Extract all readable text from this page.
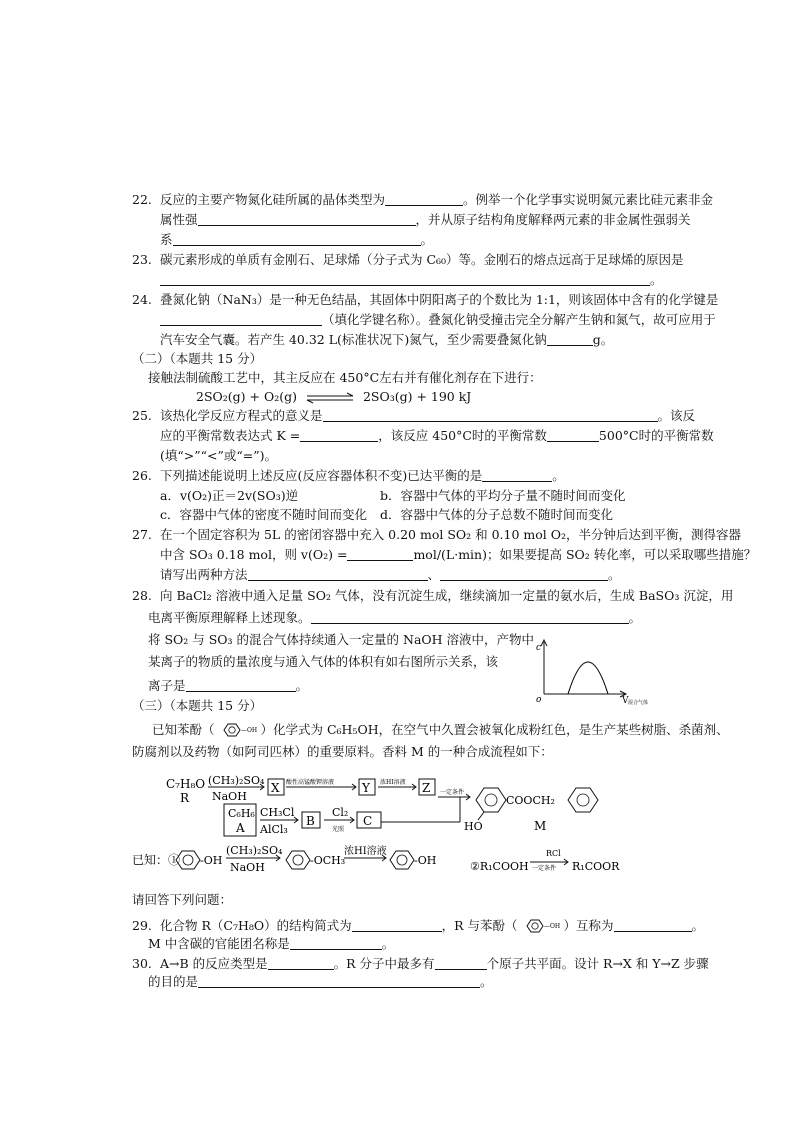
22. 反应的主要产物氮化硅所属的晶体类型为	。例举一个化学事实说明氮元素比硅元素非金
属性强	，并从原子结构角度解释两元素的非金属性强弱关
系	。
23. 碳元素形成的单质有金刚石、足球烯（分子式为 C₆₀）等。金刚石的熔点远高于足球烯的原因是
。
24. 叠氮化钠（NaN₃）是一种无色结晶，其固体中阴阳离子的个数比为 1:1，则该固体中含有的化学键是
（填化学键名称）。叠氮化钠受撞击完全分解产生钠和氮气，故可应用于
汽车安全气囊。若产生 40.32 L(标准状况下)氮气，至少需要叠氮化钠	g。
（二）（本题共 15 分）
接触法制硫酸工艺中，其主反应在 450°C左右并有催化剂存在下进行：
2SO₂(g) + O₂(g) ⇌ 2SO₃(g) + 190 kJ
25. 该热化学反应方程式的意义是	。该反
应的平衡常数表达式 K =	，该反应 450°C时的平衡常数	500°C时的平衡常数
(填“>”“<”或“=”)。
26. 下列描述能说明上述反应(反应容器体积不变)已达平衡的是	。
a．v(O₂)正＝2v(SO₃)逆	b．容器中气体的平均分子量不随时间而变化
c．容器中气体的密度不随时间而变化 d．容器中气体的分子总数不随时间而变化
27. 在一个固定容积为 5L 的密闭容器中充入 0.20 mol SO₂ 和 0.10 mol O₂，半分钟后达到平衡，测得容器
中含 SO₃ 0.18 mol，则 v(O₂) =	mol/(L·min)；如果要提高 SO₂ 转化率，可以采取哪些措施？
请写出两种方法	、	。
28. 向 BaCl₂ 溶液中通入足量 SO₂ 气体，没有沉淀生成，继续滴加一定量的氨水后，生成 BaSO₃ 沉淀，用
电离平衡原理解释上述现象。	。
将 SO₂ 与 SO₃ 的混合气体持续通入一定量的 NaOH 溶液中，产物中
某离子的物质的量浓度与通入气体的体积有如右图所示关系，该
离子是	。
c
o	V 混合气体
（三）（本题共 15 分）
已知苯酚（	—OH ）化学式为 C₆H₅OH，在空气中久置会被氧化成粉红色，是生产某些树脂、杀菌剂、
防腐剂以及药物（如阿司匹林）的重要原料。香料 M 的一种合成流程如下：
C₇H₈O
R
(CH₃)₂SO₄
NaOH
X 酸性高锰酸钾溶液 Y 浓HI溶液 Z 一定条件
COOCH₂
HO	M
C₆H₆
A
CH₃Cl
AlCl₃
B
Cl₂
光照
C
已知：① -OH
(CH₃)₂SO₄
NaOH
-OCH₃
浓HI溶液
-OH	②R₁COOH
RCl
一定条件 R₁COOR
请回答下列问题：
29. 化合物 R（C₇H₈O）的结构简式为	，R 与苯酚（	—OH ）互称为	。
M 中含碳的官能团名称是	。
30. A→B 的反应类型是	。R 分子中最多有	个原子共平面。设计 R→X 和 Y→Z 步骤
的目的是	。
